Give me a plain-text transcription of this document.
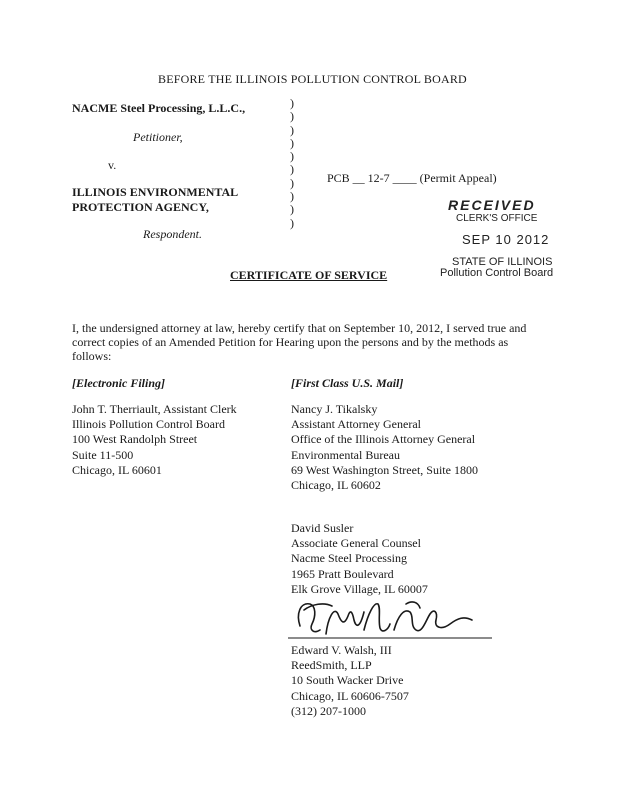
BEFORE THE ILLINOIS POLLUTION CONTROL BOARD
NACME Steel Processing, L.L.C.,
Petitioner,
v.
ILLINOIS ENVIRONMENTAL
PROTECTION AGENCY,
Respondent.
)
)
)
)
)
)
)
)
)
)
PCB __ 12-7 ____ (Permit Appeal)
RECEIVED
CLERK'S OFFICE
SEP 10 2012
STATE OF ILLINOIS
Pollution Control Board
CERTIFICATE OF SERVICE
I, the undersigned attorney at law, hereby certify that on September 10, 2012, I served true and
correct copies of an Amended Petition for Hearing upon the persons and by the methods as
follows:
[Electronic Filing]	[First Class U.S. Mail]
John T. Therriault, Assistant Clerk
Illinois Pollution Control Board
100 West Randolph Street
Suite 11-500
Chicago, IL 60601
Nancy J. Tikalsky
Assistant Attorney General
Office of the Illinois Attorney General
Environmental Bureau
69 West Washington Street, Suite 1800
Chicago, IL 60602
David Susler
Associate General Counsel
Nacme Steel Processing
1965 Pratt Boulevard
Elk Grove Village, IL 60007
Edward V. Walsh, III
ReedSmith, LLP
10 South Wacker Drive
Chicago, IL 60606-7507
(312) 207-1000
